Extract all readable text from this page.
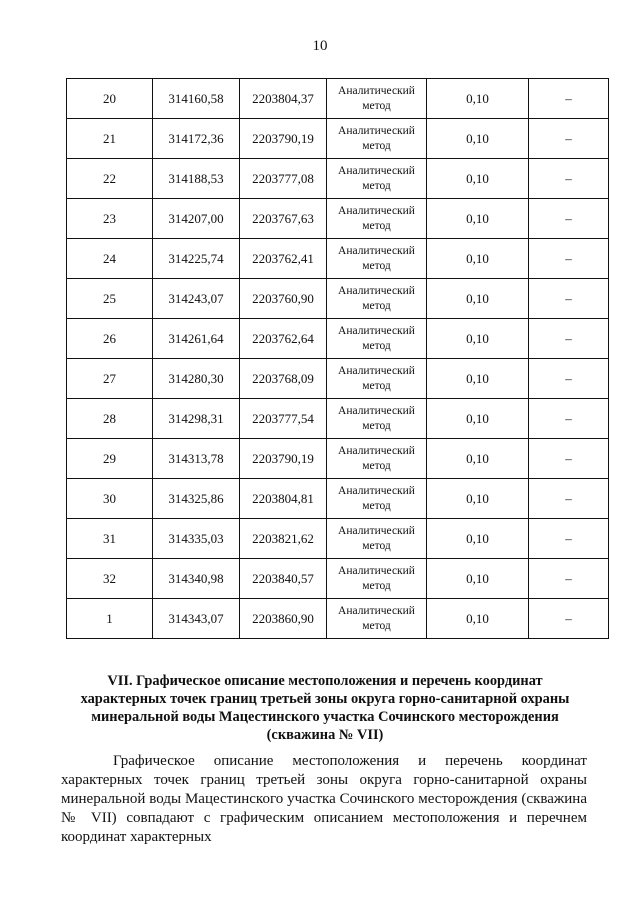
10
20	314160,58	2203804,37	Аналитический метод	0,10	–
21	314172,36	2203790,19	Аналитический метод	0,10	–
22	314188,53	2203777,08	Аналитический метод	0,10	–
23	314207,00	2203767,63	Аналитический метод	0,10	–
24	314225,74	2203762,41	Аналитический метод	0,10	–
25	314243,07	2203760,90	Аналитический метод	0,10	–
26	314261,64	2203762,64	Аналитический метод	0,10	–
27	314280,30	2203768,09	Аналитический метод	0,10	–
28	314298,31	2203777,54	Аналитический метод	0,10	–
29	314313,78	2203790,19	Аналитический метод	0,10	–
30	314325,86	2203804,81	Аналитический метод	0,10	–
31	314335,03	2203821,62	Аналитический метод	0,10	–
32	314340,98	2203840,57	Аналитический метод	0,10	–
1	314343,07	2203860,90	Аналитический метод	0,10	–
VII. Графическое описание местоположения и перечень координат
характерных точек границ третьей зоны округа горно-санитарной охраны
минеральной воды Мацестинского участка Сочинского месторождения
(скважина № VII)
Графическое описание местоположения и перечень координат характерных точек границ третьей зоны округа горно-санитарной охраны минеральной воды Мацестинского участка Сочинского месторождения (скважина № VII) совпадают с графическим описанием местоположения и перечнем координат характерных
